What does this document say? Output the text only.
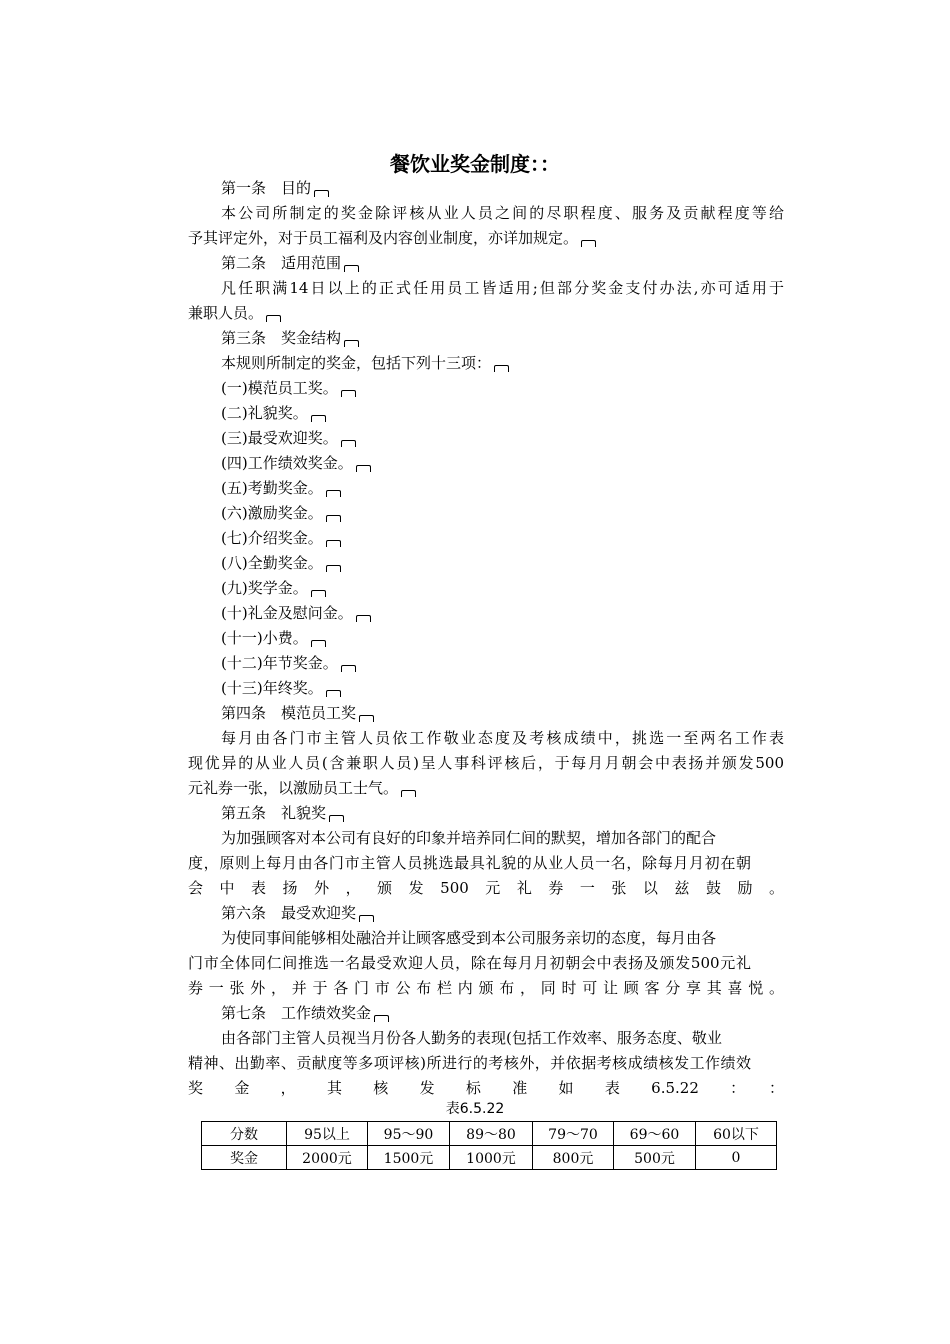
餐饮业奖金制度：：
第一条　目的
本公司所制定的奖金除评核从业人员之间的尽职程度、服务及贡献程度等给
予其评定外，对于员工福利及内容创业制度，亦详加规定。
第二条　适用范围
凡任职满14日以上的正式任用员工皆适用;但部分奖金支付办法,亦可适用于
兼职人员。
第三条　奖金结构
本规则所制定的奖金，包括下列十三项：
(一)模范员工奖。
(二)礼貌奖。
(三)最受欢迎奖。
(四)工作绩效奖金。
(五)考勤奖金。
(六)激励奖金。
(七)介绍奖金。
(八)全勤奖金。
(九)奖学金。
(十)礼金及慰问金。
(十一)小费。
(十二)年节奖金。
(十三)年终奖。
第四条　模范员工奖
每月由各门市主管人员依工作敬业态度及考核成绩中，挑选一至两名工作表
现优异的从业人员(含兼职人员)呈人事科评核后，于每月月朝会中表扬并颁发500
元礼券一张，以激励员工士气。
第五条　礼貌奖
为加强顾客对本公司有良好的印象并培养同仁间的默契，增加各部门的配合
度，原则上每月由各门市主管人员挑选最具礼貌的从业人员一名，除每月月初在朝
会中表扬外，颁发500元礼券一张以兹鼓励。
第六条　最受欢迎奖
为使同事间能够相处融洽并让顾客感受到本公司服务亲切的态度，每月由各
门市全体同仁间推选一名最受欢迎人员，除在每月月初朝会中表扬及颁发500元礼
券一张外，并于各门市公布栏内颁布，同时可让顾客分享其喜悦。
第七条　工作绩效奖金
由各部门主管人员视当月份各人勤务的表现(包括工作效率、服务态度、敬业
精神、出勤率、贡献度等多项评核)所进行的考核外，并依据考核成绩核发工作绩效
奖金，其核发标准如表6.5.22：：
表6.5.22
分数	95以上	95～90	89～80	79～70	69～60	60以下
奖金	2000元	1500元	1000元	800元	500元	0
